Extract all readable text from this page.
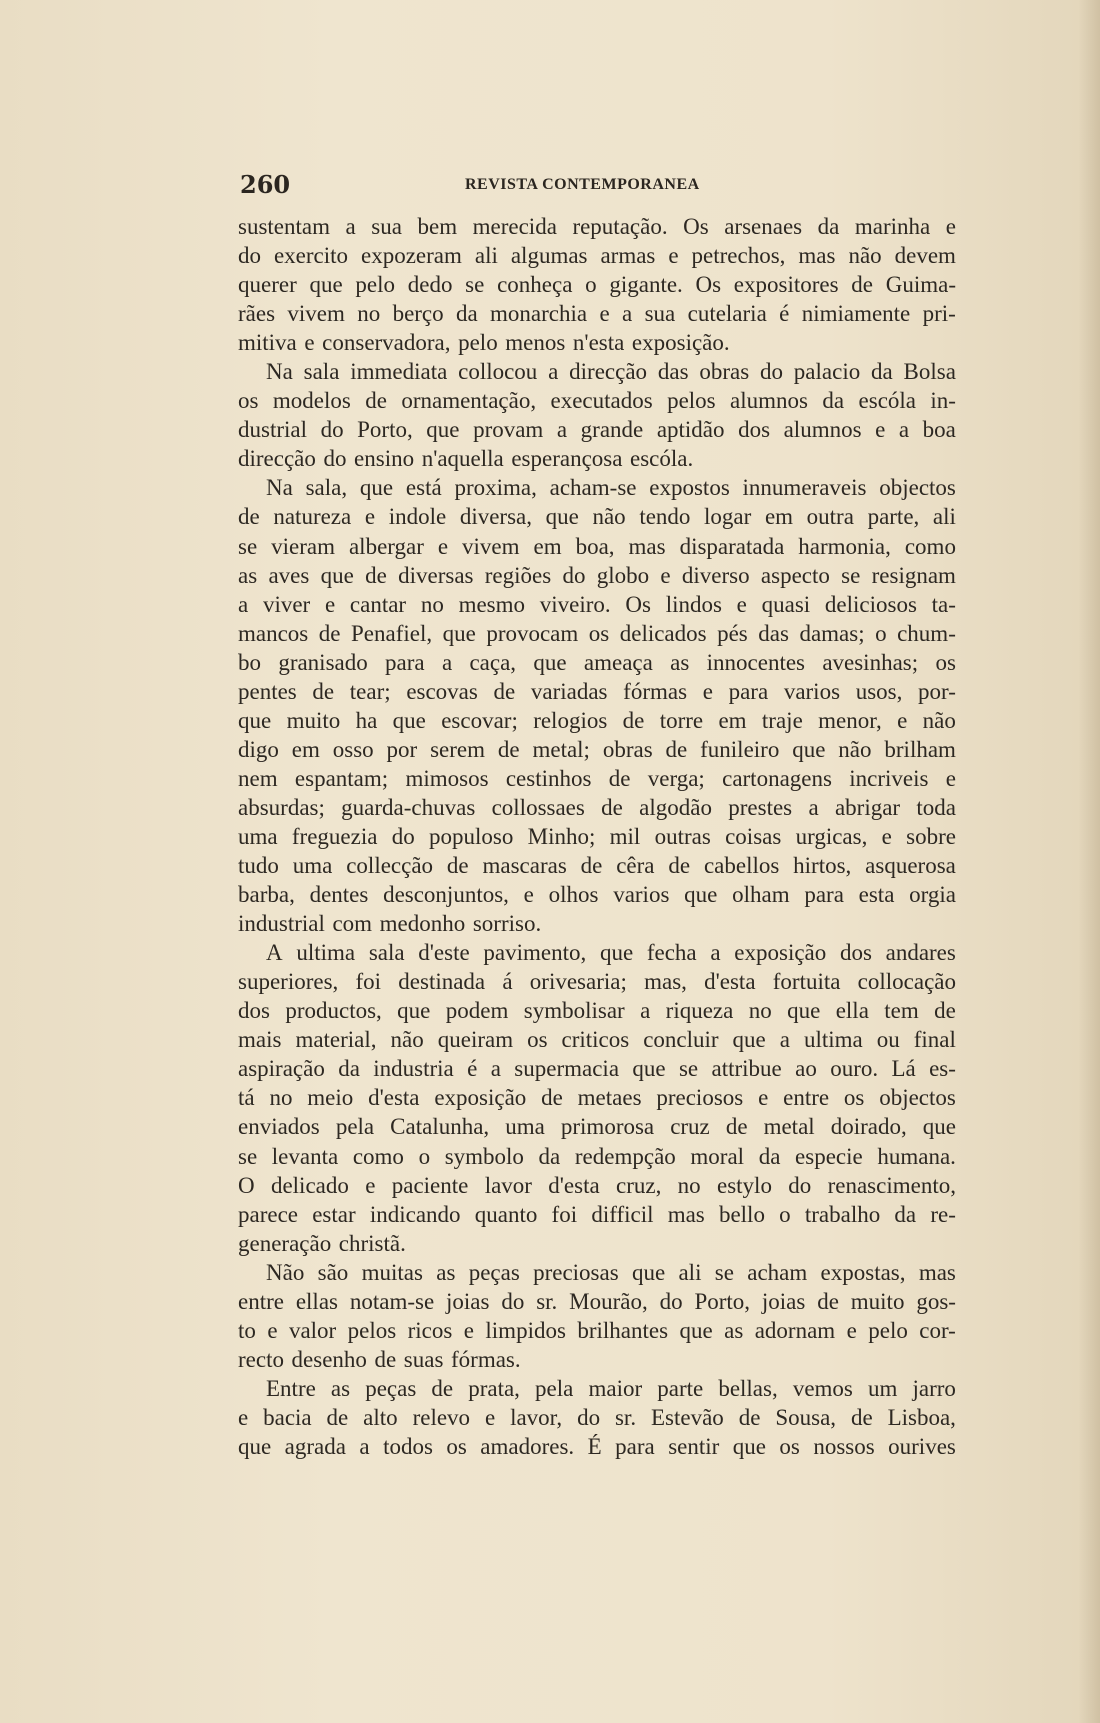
260	REVISTA CONTEMPORANEA
sustentam a sua bem merecida reputação. Os arsenaes da marinha e
do exercito expozeram ali algumas armas e petrechos, mas não devem
querer que pelo dedo se conheça o gigante. Os expositores de Guima-
rães vivem no berço da monarchia e a sua cutelaria é nimiamente pri-
mitiva e conservadora, pelo menos n'esta exposição.
Na sala immediata collocou a direcção das obras do palacio da Bolsa
os modelos de ornamentação, executados pelos alumnos da escóla in-
dustrial do Porto, que provam a grande aptidão dos alumnos e a boa
direcção do ensino n'aquella esperançosa escóla.
Na sala, que está proxima, acham-se expostos innumeraveis objectos
de natureza e indole diversa, que não tendo logar em outra parte, ali
se vieram albergar e vivem em boa, mas disparatada harmonia, como
as aves que de diversas regiões do globo e diverso aspecto se resignam
a viver e cantar no mesmo viveiro. Os lindos e quasi deliciosos ta-
mancos de Penafiel, que provocam os delicados pés das damas; o chum-
bo granisado para a caça, que ameaça as innocentes avesinhas; os
pentes de tear; escovas de variadas fórmas e para varios usos, por-
que muito ha que escovar; relogios de torre em traje menor, e não
digo em osso por serem de metal; obras de funileiro que não brilham
nem espantam; mimosos cestinhos de verga; cartonagens incriveis e
absurdas; guarda-chuvas collossaes de algodão prestes a abrigar toda
uma freguezia do populoso Minho; mil outras coisas urgicas, e sobre
tudo uma collecção de mascaras de cêra de cabellos hirtos, asquerosa
barba, dentes desconjuntos, e olhos varios que olham para esta orgia
industrial com medonho sorriso.
A ultima sala d'este pavimento, que fecha a exposição dos andares
superiores, foi destinada á orivesaria; mas, d'esta fortuita collocação
dos productos, que podem symbolisar a riqueza no que ella tem de
mais material, não queiram os criticos concluir que a ultima ou final
aspiração da industria é a supermacia que se attribue ao ouro. Lá es-
tá no meio d'esta exposição de metaes preciosos e entre os objectos
enviados pela Catalunha, uma primorosa cruz de metal doirado, que
se levanta como o symbolo da redempção moral da especie humana.
O delicado e paciente lavor d'esta cruz, no estylo do renascimento,
parece estar indicando quanto foi difficil mas bello o trabalho da re-
generação christã.
Não são muitas as peças preciosas que ali se acham expostas, mas
entre ellas notam-se joias do sr. Mourão, do Porto, joias de muito gos-
to e valor pelos ricos e limpidos brilhantes que as adornam e pelo cor-
recto desenho de suas fórmas.
Entre as peças de prata, pela maior parte bellas, vemos um jarro
e bacia de alto relevo e lavor, do sr. Estevão de Sousa, de Lisboa,
que agrada a todos os amadores. É para sentir que os nossos ourives
